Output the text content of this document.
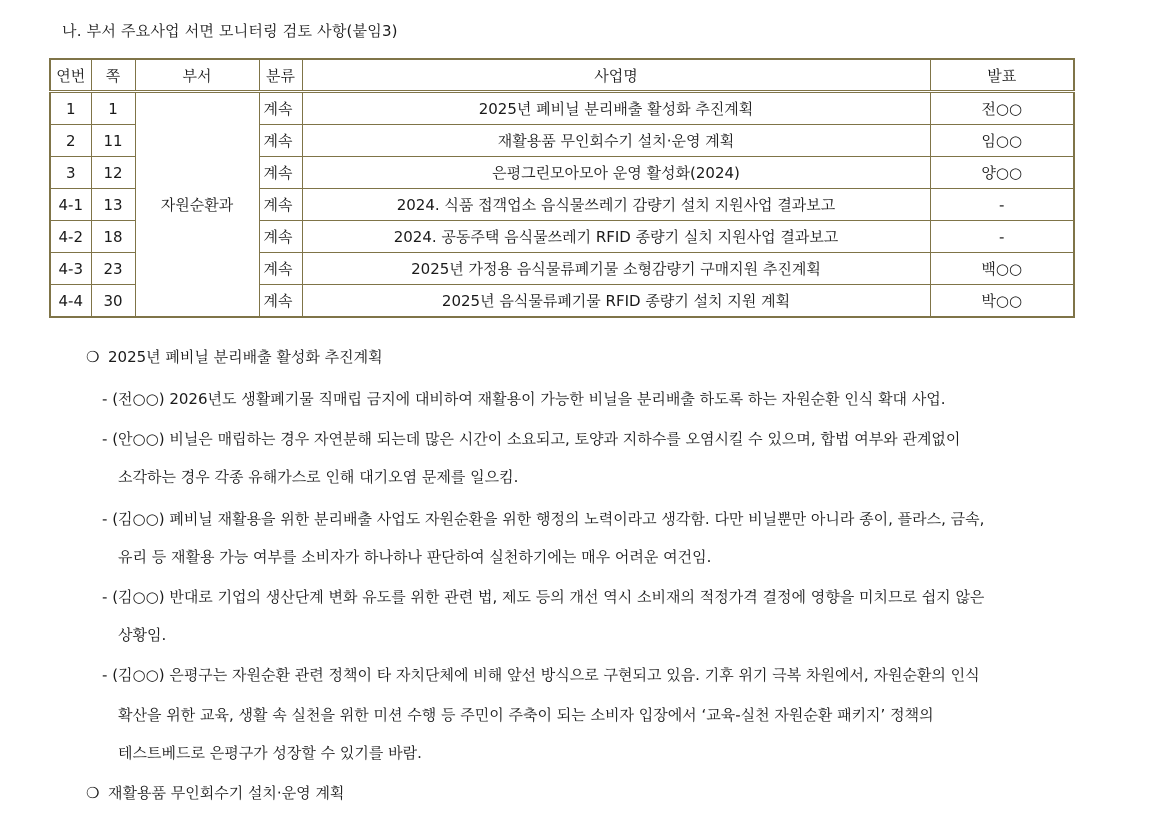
나. 부서 주요사업 서면 모니터링 검토 사항(붙임3)
연번	쪽	부서	분류	사업명	발표
1	1	자원순환과	계속	2025년 폐비닐 분리배출 활성화 추진계획	전○○
2	11		계속	재활용품 무인회수기 설치·운영 계획	임○○
3	12		계속	은평그린모아모아 운영 활성화(2024)	양○○
4-1	13		계속	2024. 식품 접객업소 음식물쓰레기 감량기 설치 지원사업 결과보고	-
4-2	18		계속	2024. 공동주택 음식물쓰레기 RFID 종량기 실치 지원사업 결과보고	-
4-3	23		계속	2025년 가정용 음식물류폐기물 소형감량기 구매지원 추진계획	백○○
4-4	30		계속	2025년 음식물류폐기물 RFID 종량기 설치 지원 계획	박○○
❍ 2025년 폐비닐 분리배출 활성화 추진계획
- (전○○) 2026년도 생활폐기물 직매립 금지에 대비하여 재활용이 가능한 비닐을 분리배출 하도록 하는 자원순환 인식 확대 사업.
- (안○○) 비닐은 매립하는 경우 자연분해 되는데 많은 시간이 소요되고, 토양과 지하수를 오염시킬 수 있으며, 합법 여부와 관계없이
소각하는 경우 각종 유해가스로 인해 대기오염 문제를 일으킴.
- (김○○) 폐비닐 재활용을 위한 분리배출 사업도 자원순환을 위한 행정의 노력이라고 생각함. 다만 비닐뿐만 아니라 종이, 플라스, 금속,
유리 등 재활용 가능 여부를 소비자가 하나하나 판단하여 실천하기에는 매우 어려운 여건임.
- (김○○) 반대로 기업의 생산단계 변화 유도를 위한 관련 법, 제도 등의 개선 역시 소비재의 적정가격 결정에 영향을 미치므로 쉽지 않은
상황임.
- (김○○) 은평구는 자원순환 관련 정책이 타 자치단체에 비해 앞선 방식으로 구현되고 있음. 기후 위기 극복 차원에서, 자원순환의 인식
확산을 위한 교육, 생활 속 실천을 위한 미션 수행 등 주민이 주축이 되는 소비자 입장에서 ‘교육-실천 자원순환 패키지’ 정책의
테스트베드로 은평구가 성장할 수 있기를 바람.
❍ 재활용품 무인회수기 설치·운영 계획
